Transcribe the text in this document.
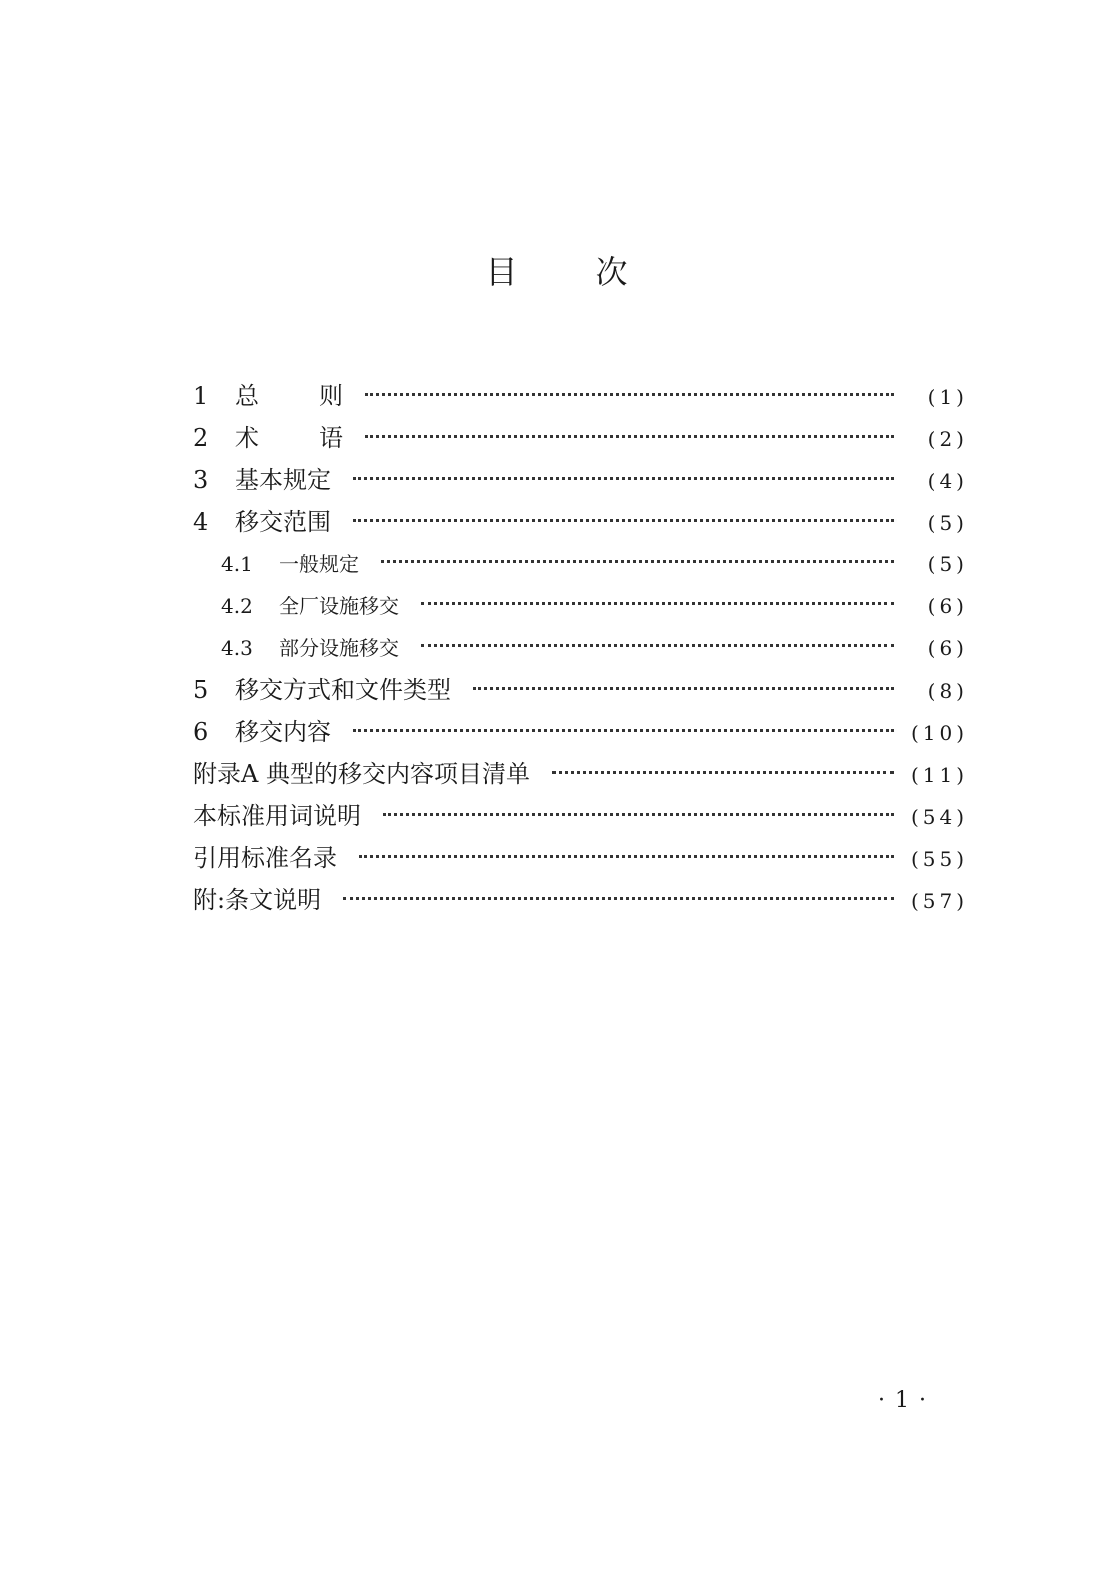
目次
1	总则	(1)
2	术语	(2)
3	基本规定	(4)
4	移交范围	(5)
4.1	一般规定	(5)
4.2	全厂设施移交	(6)
4.3	部分设施移交	(6)
5	移交方式和文件类型	(8)
6	移交内容	(10)
附录A 典型的移交内容项目清单	(11)
本标准用词说明	(54)
引用标准名录	(55)
附:条文说明	(57)
·1·
